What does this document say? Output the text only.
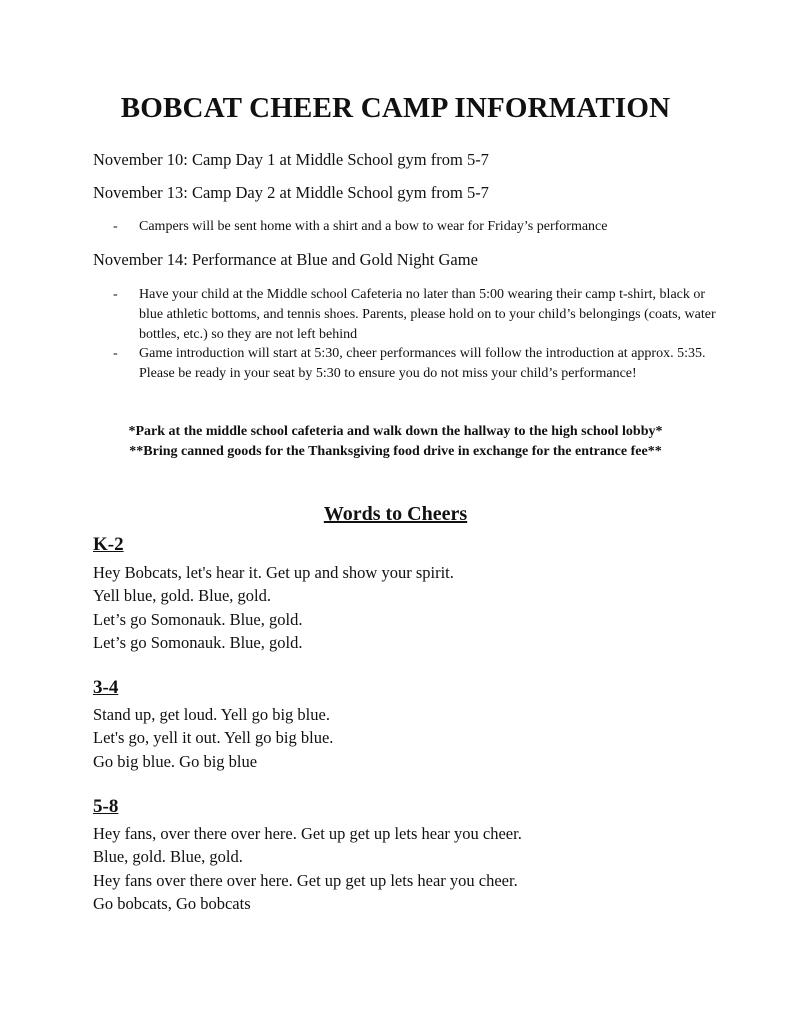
BOBCAT CHEER CAMP INFORMATION

November 10: Camp Day 1 at Middle School gym from 5-7

November 13: Camp Day 2 at Middle School gym from 5-7

- Campers will be sent home with a shirt and a bow to wear for Friday’s performance

November 14: Performance at Blue and Gold Night Game

- Have your child at the Middle school Cafeteria no later than 5:00 wearing their camp t-shirt, black or blue athletic bottoms, and tennis shoes. Parents, please hold on to your child’s belongings (coats, water bottles, etc.) so they are not left behind
- Game introduction will start at 5:30, cheer performances will follow the introduction at approx. 5:35. Please be ready in your seat by 5:30 to ensure you do not miss your child’s performance!

*Park at the middle school cafeteria and walk down the hallway to the high school lobby*

**Bring canned goods for the Thanksgiving food drive in exchange for the entrance fee**

Words to Cheers
K-2
Hey Bobcats, let's hear it. Get up and show your spirit.
Yell blue, gold. Blue, gold.
Let’s go Somonauk. Blue, gold.
Let’s go Somonauk. Blue, gold.
3-4
Stand up, get loud. Yell go big blue.
Let's go, yell it out. Yell go big blue.
Go big blue. Go big blue
5-8
Hey fans, over there over here. Get up get up lets hear you cheer.
Blue, gold. Blue, gold.
Hey fans over there over here. Get up get up lets hear you cheer.
Go bobcats, Go bobcats
